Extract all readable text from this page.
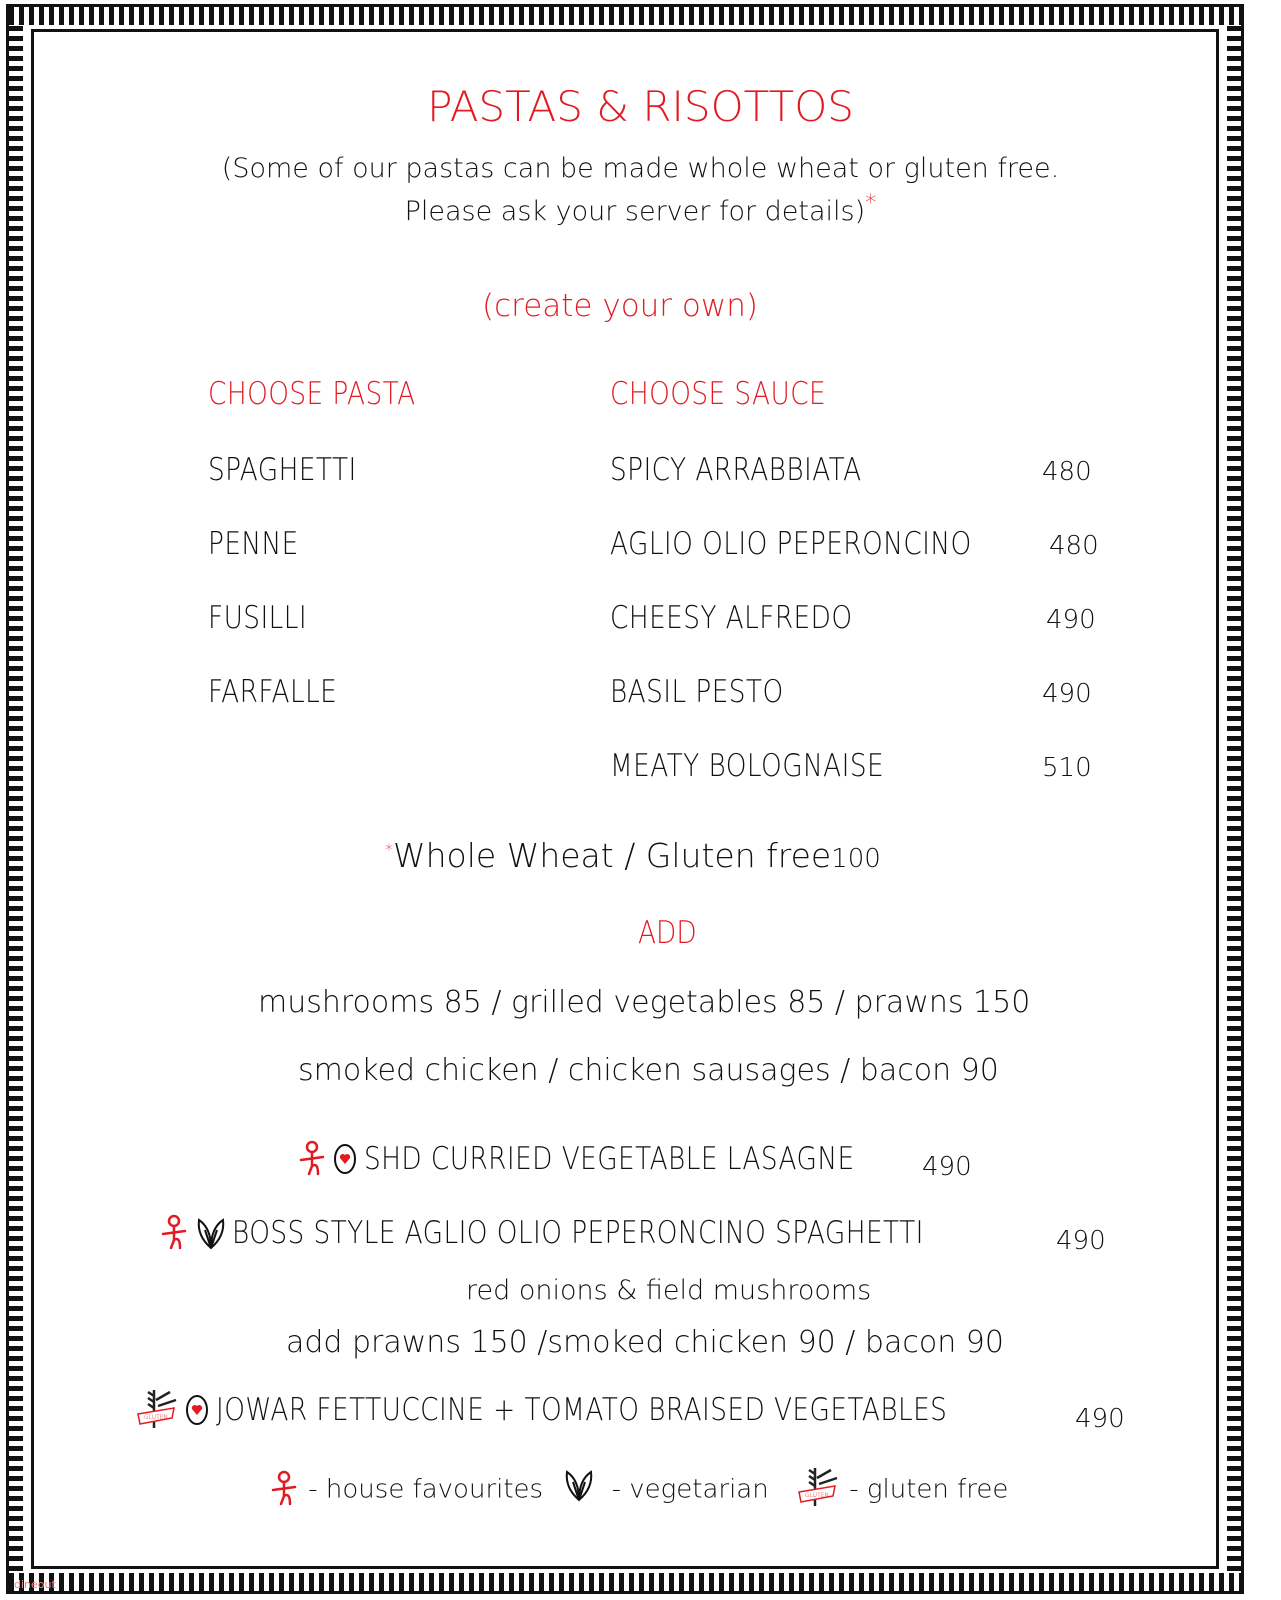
PASTAS & RISOTTOS
(Some of our pastas can be made whole wheat or gluten free.
Please ask your server for details)*
(create your own)
CHOOSE PASTA	CHOOSE SAUCE
SPAGHETTI
PENNE
FUSILLI
FARFALLE
SPICY ARRABBIATA	480
AGLIO OLIO PEPERONCINO	480
CHEESY ALFREDO	490
BASIL PESTO	490
MEATY BOLOGNAISE	510
*Whole Wheat / Gluten free100
ADD
mushrooms 85 / grilled vegetables 85 / prawns 150
smoked chicken / chicken sausages / bacon 90
SHD CURRIED VEGETABLE LASAGNE	490
BOSS STYLE AGLIO OLIO PEPERONCINO SPAGHETTI	490
red onions & field mushrooms
add prawns 150 /smoked chicken 90 / bacon 90
JOWAR FETTUCCINE + TOMATO BRAISED VEGETABLES	490
- house favourites	- vegetarian	- gluten free
dineout
